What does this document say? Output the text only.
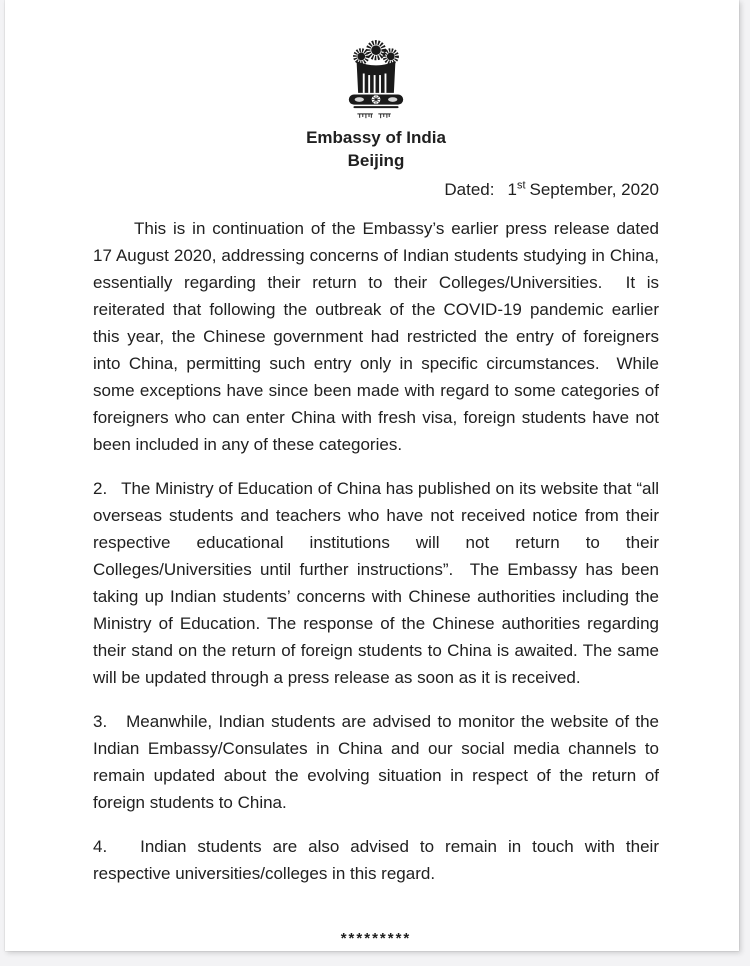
Embassy of India
Beijing
Dated: 1st September, 2020

This is in continuation of the Embassy’s earlier press release dated 17 August 2020, addressing concerns of Indian students studying in China, essentially regarding their return to their Colleges/Universities.  It is reiterated that following the outbreak of the COVID-19 pandemic earlier this year, the Chinese government had restricted the entry of foreigners into China, permitting such entry only in specific circumstances.  While some exceptions have since been made with regard to some categories of foreigners who can enter China with fresh visa, foreign students have not been included in any of these categories.

2.   The Ministry of Education of China has published on its website that “all overseas students and teachers who have not received notice from their respective educational institutions will not return to their Colleges/Universities until further instructions”.  The Embassy has been taking up Indian students’ concerns with Chinese authorities including the Ministry of Education. The response of the Chinese authorities regarding their stand on the return of foreign students to China is awaited. The same will be updated through a press release as soon as it is received.

3.   Meanwhile, Indian students are advised to monitor the website of the Indian Embassy/Consulates in China and our social media channels to remain updated about the evolving situation in respect of the return of foreign students to China.

4.   Indian students are also advised to remain in touch with their respective universities/colleges in this regard.

*********
